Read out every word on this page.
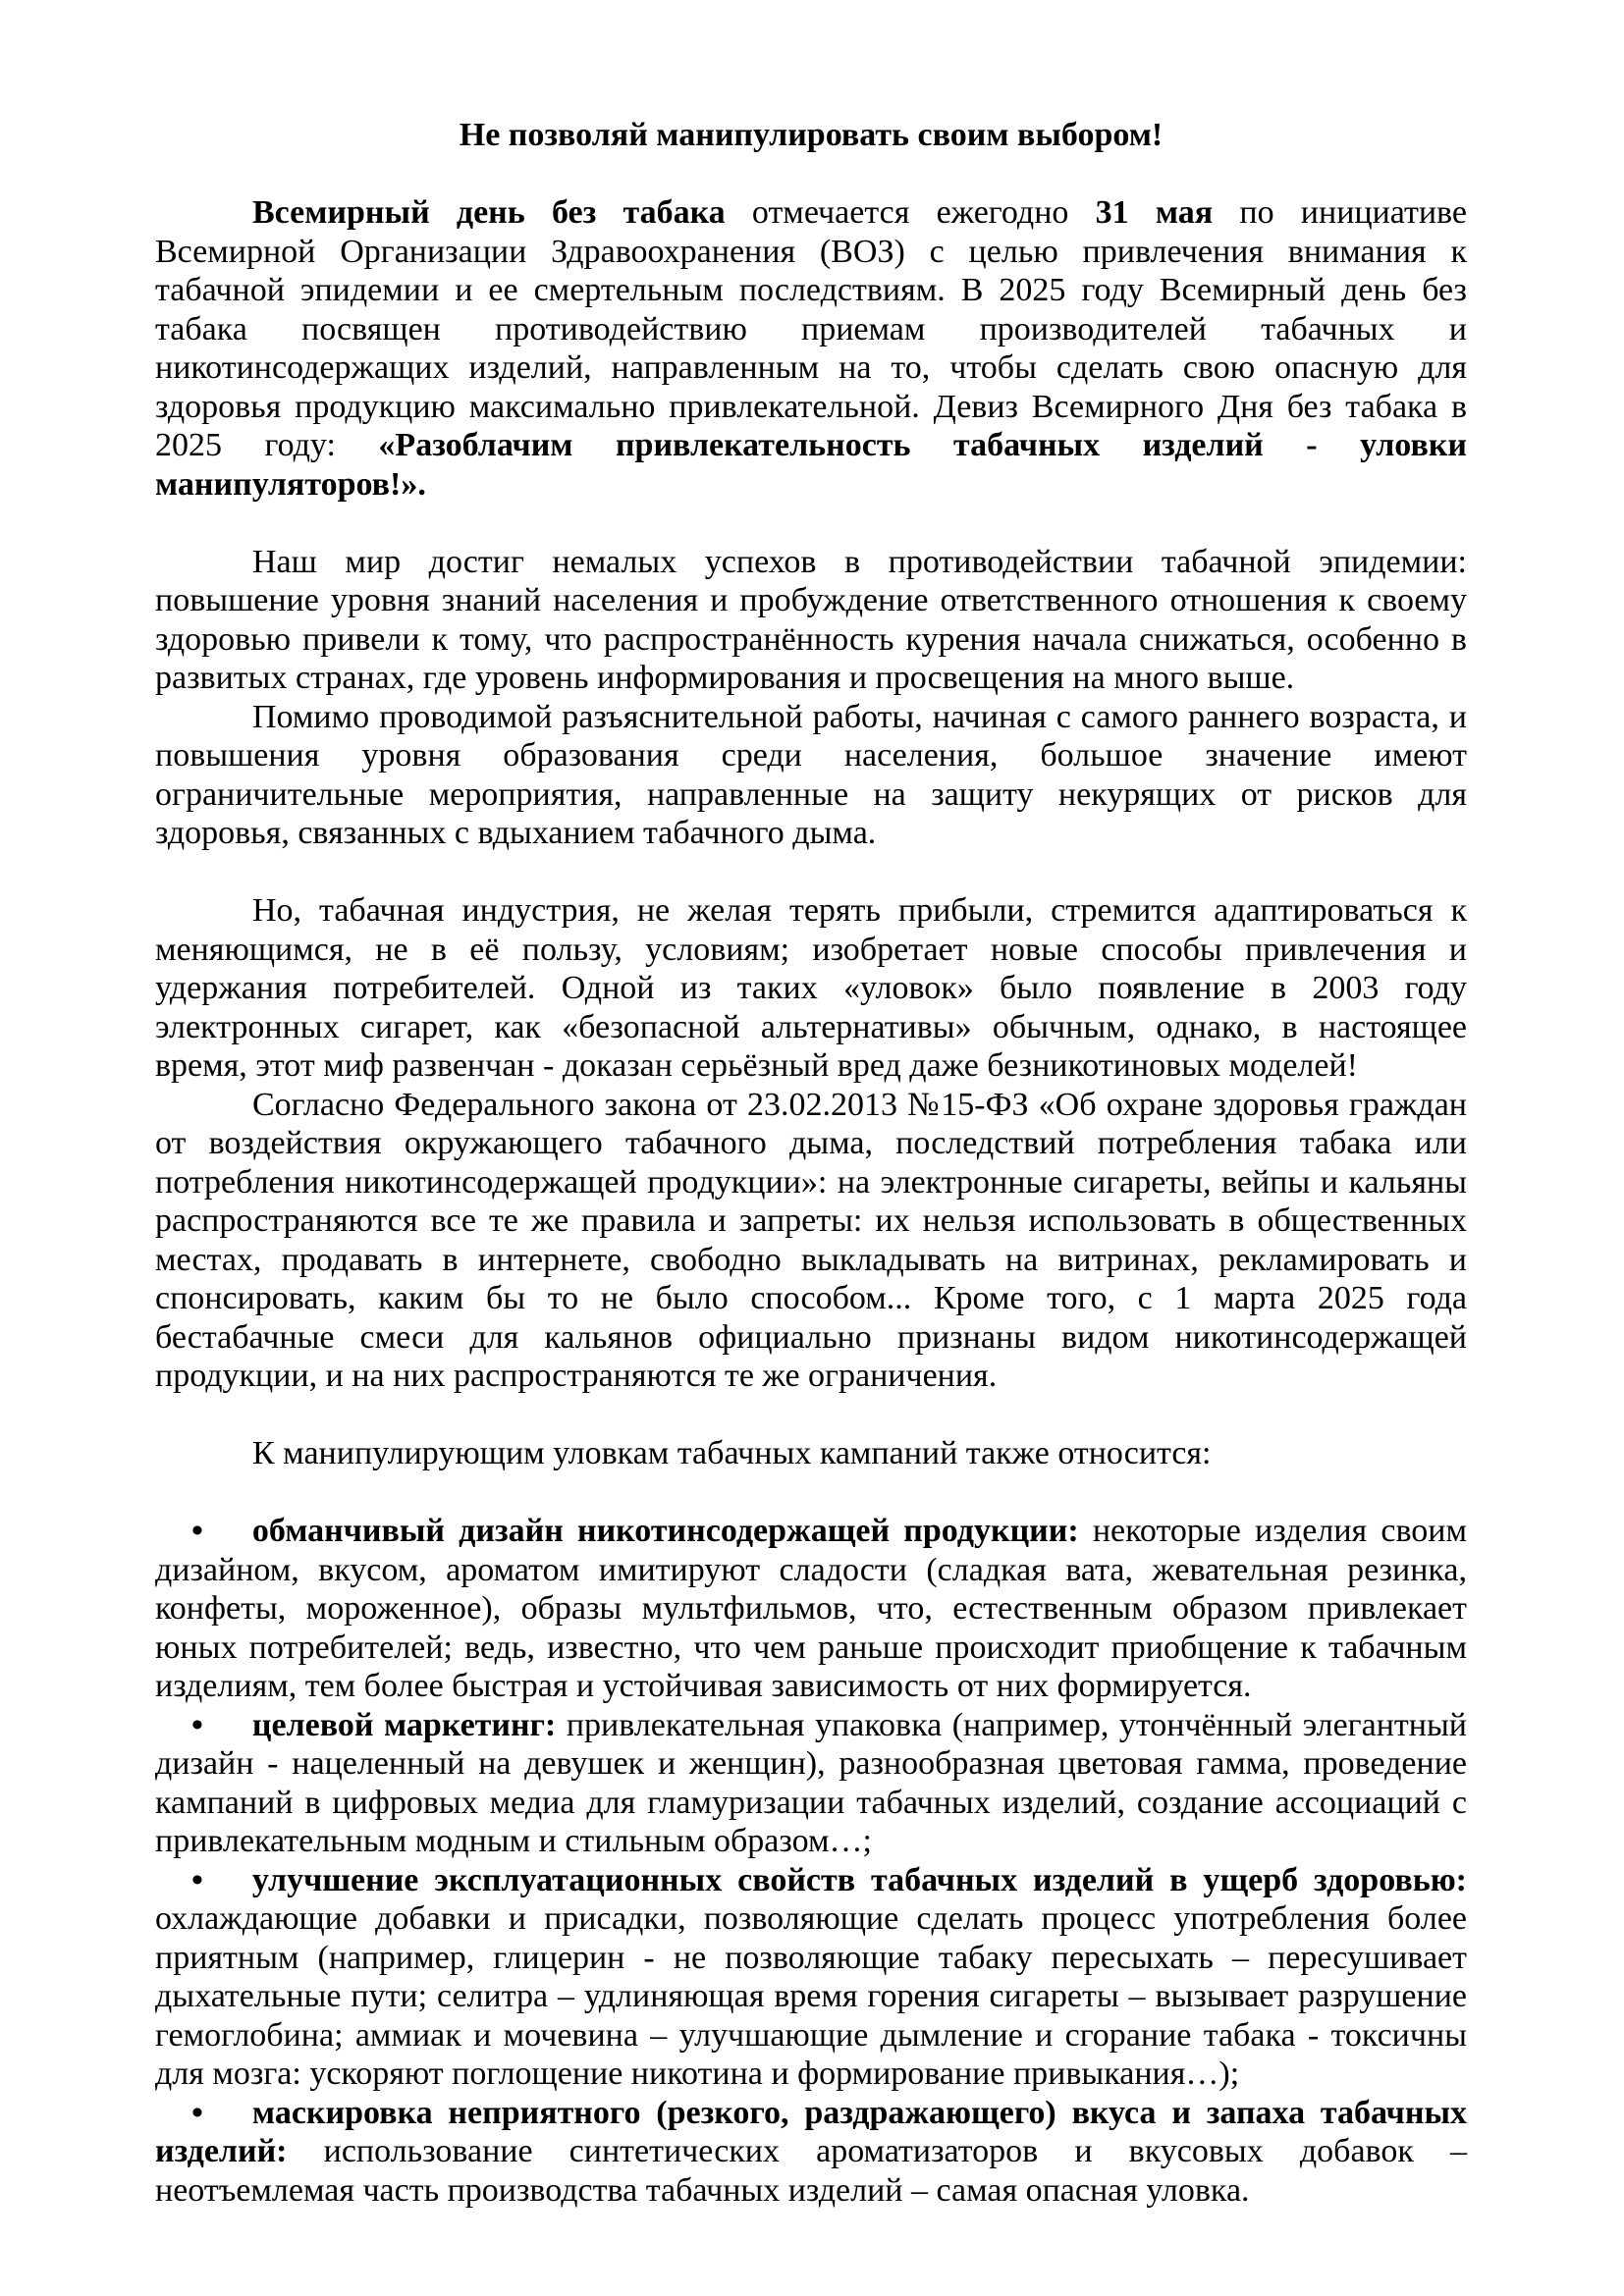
Не позволяй манипулировать своим выбором!

Всемирный день без табака отмечается ежегодно 31 мая по инициативе Всемирной Организации Здравоохранения (ВОЗ) с целью привлечения внимания к табачной эпидемии и ее смертельным последствиям. В 2025 году Всемирный день без табака посвящен противодействию приемам производителей табачных и никотинсодержащих изделий, направленным на то, чтобы сделать свою опасную для здоровья продукцию максимально привлекательной. Девиз Всемирного Дня без табака в 2025 году: «Разоблачим привлекательность табачных изделий - уловки манипуляторов!».

Наш мир достиг немалых успехов в противодействии табачной эпидемии: повышение уровня знаний населения и пробуждение ответственного отношения к своему здоровью привели к тому, что распространённость курения начала снижаться, особенно в развитых странах, где уровень информирования и просвещения на много выше.

Помимо проводимой разъяснительной работы, начиная с самого раннего возраста, и повышения уровня образования среди населения, большое значение имеют ограничительные мероприятия, направленные на защиту некурящих от рисков для здоровья, связанных с вдыханием табачного дыма.

Но, табачная индустрия, не желая терять прибыли, стремится адаптироваться к меняющимся, не в её пользу, условиям; изобретает новые способы привлечения и удержания потребителей. Одной из таких «уловок» было появление в 2003 году электронных сигарет, как «безопасной альтернативы» обычным, однако, в настоящее время, этот миф развенчан - доказан серьёзный вред даже безникотиновых моделей!

Согласно Федерального закона от 23.02.2013 №15-ФЗ «Об охране здоровья граждан от воздействия окружающего табачного дыма, последствий потребления табака или потребления никотинсодержащей продукции»: на электронные сигареты, вейпы и кальяны распространяются все те же правила и запреты: их нельзя использовать в общественных местах, продавать в интернете, свободно выкладывать на витринах, рекламировать и спонсировать, каким бы то не было способом... Кроме того, с 1 марта 2025 года бестабачные смеси для кальянов официально признаны видом никотинсодержащей продукции, и на них распространяются те же ограничения.

К манипулирующим уловкам табачных кампаний также относится:

• обманчивый дизайн никотинсодержащей продукции: некоторые изделия своим дизайном, вкусом, ароматом имитируют сладости (сладкая вата, жевательная резинка, конфеты, мороженное), образы мультфильмов, что, естественным образом привлекает юных потребителей; ведь, известно, что чем раньше происходит приобщение к табачным изделиям, тем более быстрая и устойчивая зависимость от них формируется.

• целевой маркетинг: привлекательная упаковка (например, утончённый элегантный дизайн - нацеленный на девушек и женщин), разнообразная цветовая гамма, проведение кампаний в цифровых медиа для гламуризации табачных изделий, создание ассоциаций с привлекательным модным и стильным образом…;

• улучшение эксплуатационных свойств табачных изделий в ущерб здоровью: охлаждающие добавки и присадки, позволяющие сделать процесс употребления более приятным (например, глицерин - не позволяющие табаку пересыхать – пересушивает дыхательные пути; селитра – удлиняющая время горения сигареты – вызывает разрушение гемоглобина; аммиак и мочевина – улучшающие дымление и сгорание табака - токсичны для мозга: ускоряют поглощение никотина и формирование привыкания…);

• маскировка неприятного (резкого, раздражающего) вкуса и запаха табачных изделий: использование синтетических ароматизаторов и вкусовых добавок – неотъемлемая часть производства табачных изделий – самая опасная уловка.
